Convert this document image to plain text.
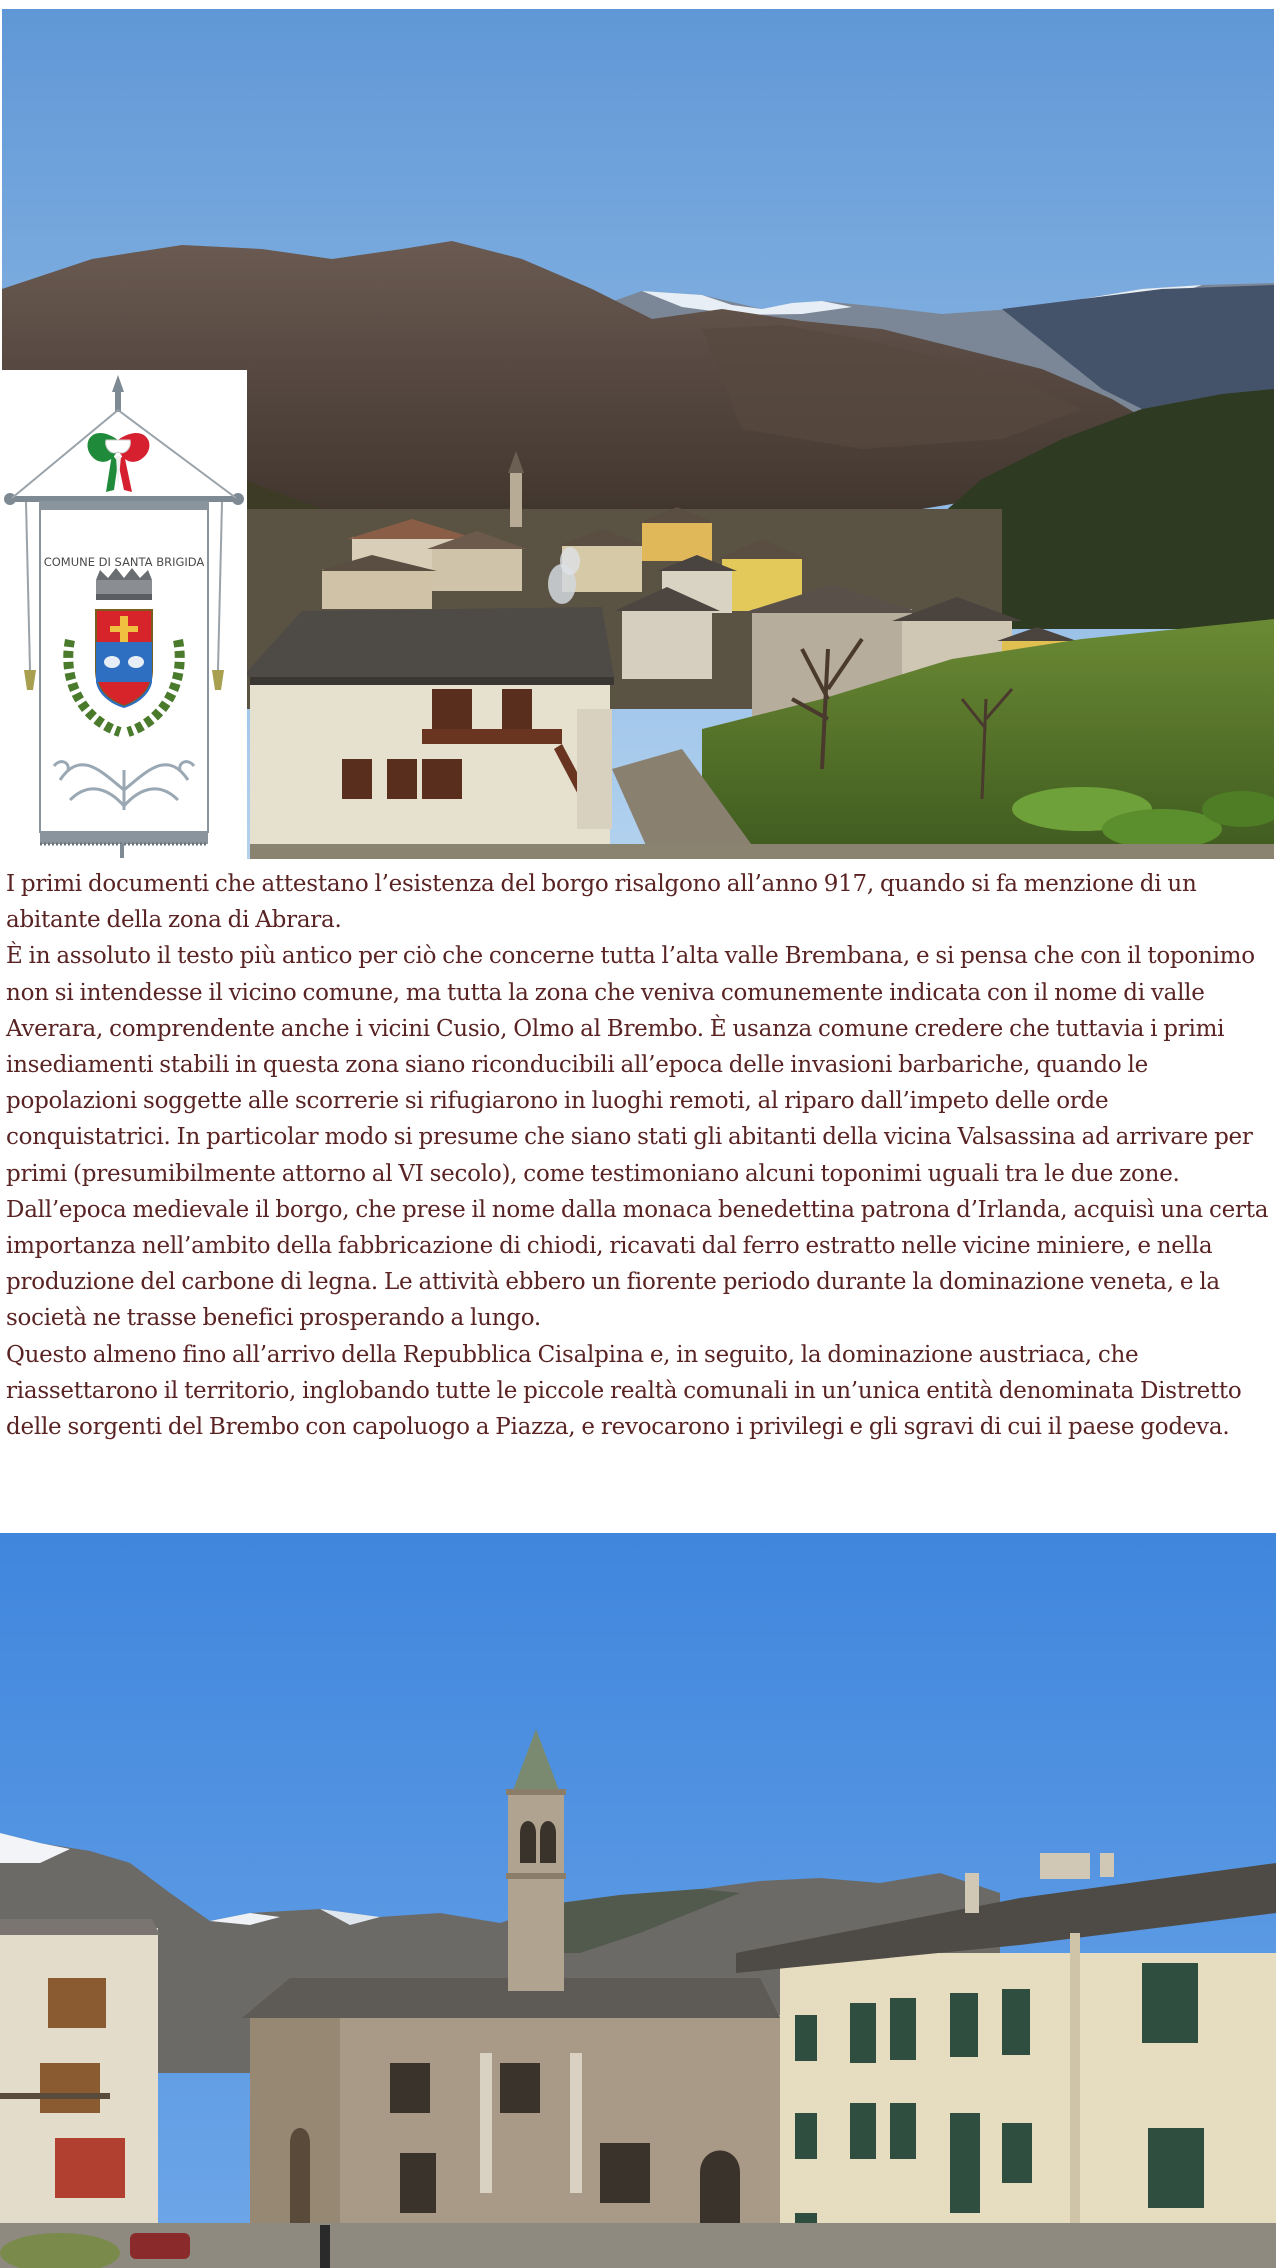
COMUNE DI SANTA BRIGIDA

I primi documenti che attestano l’esistenza del borgo risalgono all’anno 917, quando si fa menzione di un abitante della zona di Abrara.

È in assoluto il testo più antico per ciò che concerne tutta l’alta valle Brembana, e si pensa che con il toponimo non si intendesse il vicino comune, ma tutta la zona che veniva comunemente indicata con il nome di valle Averara, comprendente anche i vicini Cusio, Olmo al Brembo. È usanza comune credere che tuttavia i primi insediamenti stabili in questa zona siano riconducibili all’epoca delle invasioni barbariche, quando le popolazioni soggette alle scorrerie si rifugiarono in luoghi remoti, al riparo dall’impeto delle orde conquistatrici. In particolar modo si presume che siano stati gli abitanti della vicina Valsassina ad arrivare per primi (presumibilmente attorno al VI secolo), come testimoniano alcuni toponimi uguali tra le due zone.

Dall’epoca medievale il borgo, che prese il nome dalla monaca benedettina patrona d’Irlanda, acquisì una certa importanza nell’ambito della fabbricazione di chiodi, ricavati dal ferro estratto nelle vicine miniere, e nella produzione del carbone di legna. Le attività ebbero un fiorente periodo durante la dominazione veneta, e la società ne trasse benefici prosperando a lungo.

Questo almeno fino all’arrivo della Repubblica Cisalpina e, in seguito, la dominazione austriaca, che riassettarono il territorio, inglobando tutte le piccole realtà comunali in un’unica entità denominata Distretto delle sorgenti del Brembo con capoluogo a Piazza, e revocarono i privilegi e gli sgravi di cui il paese godeva.
